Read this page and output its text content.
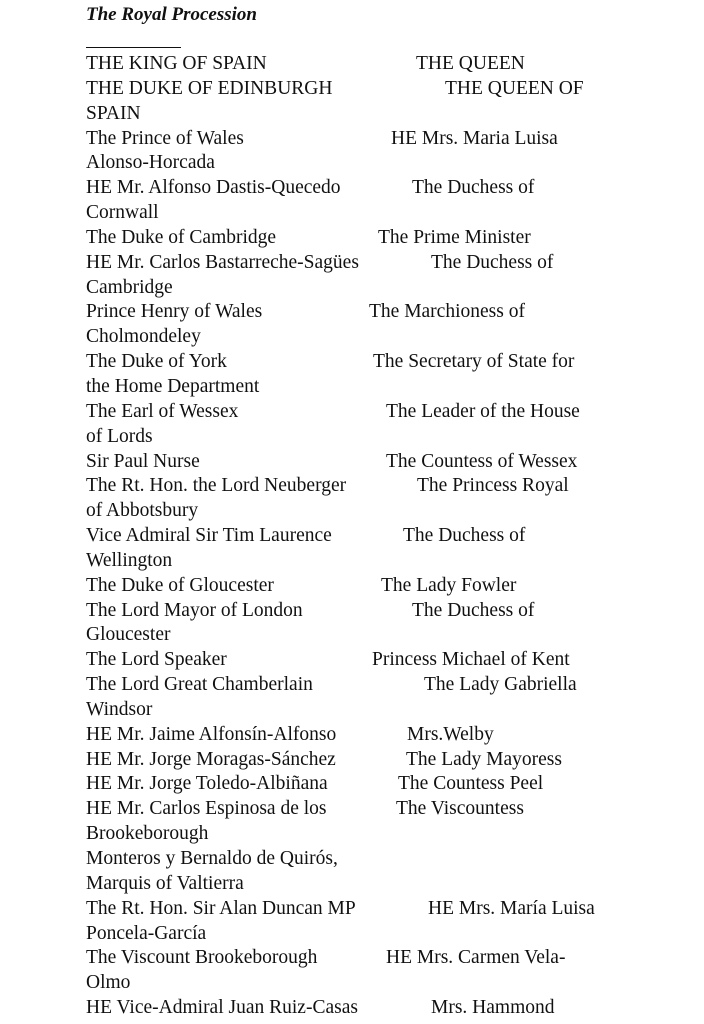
The Royal Procession
THE KING OF SPAIN	THE QUEEN
THE DUKE OF EDINBURGH	THE QUEEN OF
SPAIN
The Prince of Wales	HE Mrs. Maria Luisa
Alonso-Horcada
HE Mr. Alfonso Dastis-Quecedo	The Duchess of
Cornwall
The Duke of Cambridge	The Prime Minister
HE Mr. Carlos Bastarreche-Sagües	The Duchess of
Cambridge
Prince Henry of Wales	The Marchioness of
Cholmondeley
The Duke of York	The Secretary of State for
the Home Department
The Earl of Wessex	The Leader of the House
of Lords
Sir Paul Nurse	The Countess of Wessex
The Rt. Hon. the Lord Neuberger	The Princess Royal
of Abbotsbury
Vice Admiral Sir Tim Laurence	The Duchess of
Wellington
The Duke of Gloucester	The Lady Fowler
The Lord Mayor of London	The Duchess of
Gloucester
The Lord Speaker	Princess Michael of Kent
The Lord Great Chamberlain	The Lady Gabriella
Windsor
HE Mr. Jaime Alfonsín-Alfonso	Mrs.Welby
HE Mr. Jorge Moragas-Sánchez	The Lady Mayoress
HE Mr. Jorge Toledo-Albiñana	The Countess Peel
HE Mr. Carlos Espinosa de los	The Viscountess
Brookeborough
Monteros y Bernaldo de Quirós,
Marquis of Valtierra
The Rt. Hon. Sir Alan Duncan MP	HE Mrs. María Luisa
Poncela-García
The Viscount Brookeborough	HE Mrs. Carmen Vela-
Olmo
HE Vice-Admiral Juan Ruiz-Casas	Mrs. Hammond
